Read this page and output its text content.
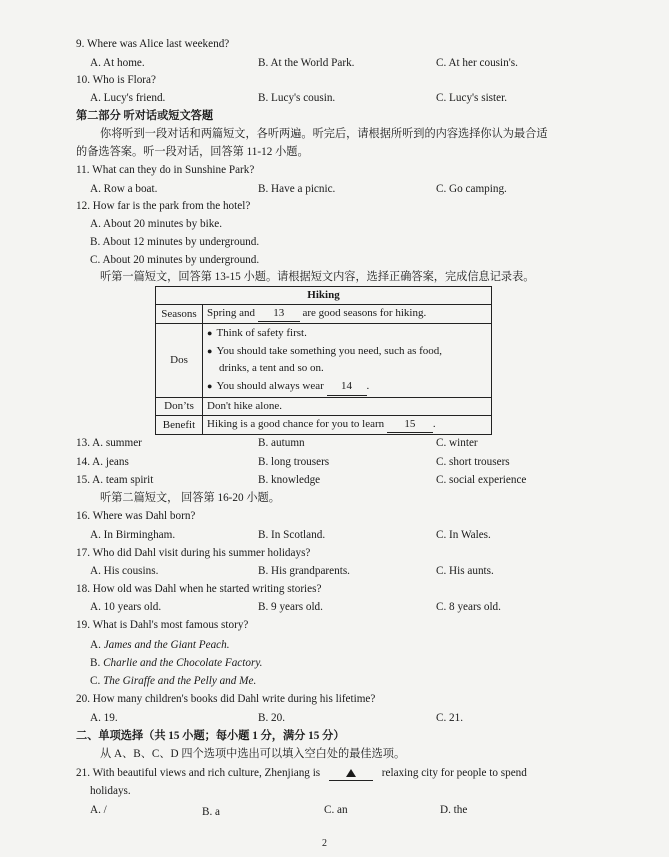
9. Where was Alice last weekend?
A. At home.	B. At the World Park.	C. At her cousin's.
10. Who is Flora?
A. Lucy's friend.	B. Lucy's cousin.	C. Lucy's sister.
第二部分 听对话或短文答题
你将听到一段对话和两篇短文，各听两遍。听完后，请根据所听到的内容选择你认为最合适
的备选答案。听一段对话，回答第 11-12 小题。
11. What can they do in Sunshine Park?
A. Row a boat.	B. Have a picnic.	C. Go camping.
12. How far is the park from the hotel?
A. About 20 minutes by bike.
B. About 12 minutes by underground.
C. About 20 minutes by underground.
听第一篇短文，回答第 13-15 小题。请根据短文内容，选择正确答案，完成信息记录表。
Hiking	
Seasons	Spring and 13 are good seasons for hiking.
Dos	● Think of safety first.
● You should take something you need, such as food,
drinks, a tent and so on.
● You should always wear 14 .

Don’ts	Don't hike alone.
Benefit	Hiking is a good chance for you to learn 15 .
13. A. summer	B. autumn	C. winter
14. A. jeans	B. long trousers	C. short trousers
15. A. team spirit	B. knowledge	C. social experience
听第二篇短文， 回答第 16-20 小题。
16. Where was Dahl born?
A. In Birmingham.	B. In Scotland.	C. In Wales.
17. Who did Dahl visit during his summer holidays?
A. His cousins.	B. His grandparents.	C. His aunts.
18. How old was Dahl when he started writing stories?
A. 10 years old.	B. 9 years old.	C. 8 years old.
19. What is Dahl's most famous story?
A. James and the Giant Peach.
B. Charlie and the Chocolate Factory.
C. The Giraffe and the Pelly and Me.
20. How many children's books did Dahl write during his lifetime?
A. 19.	B. 20.	C. 21.
二、单项选择（共 15 小题；每小题 1 分，满分 15 分）
从 A、B、C、D 四个选项中选出可以填入空白处的最佳选项。
21. With beautiful views and rich culture, Zhenjiang is	relaxing city for people to spend
holidays.
A. /	B. a	C. an	D. the
2
